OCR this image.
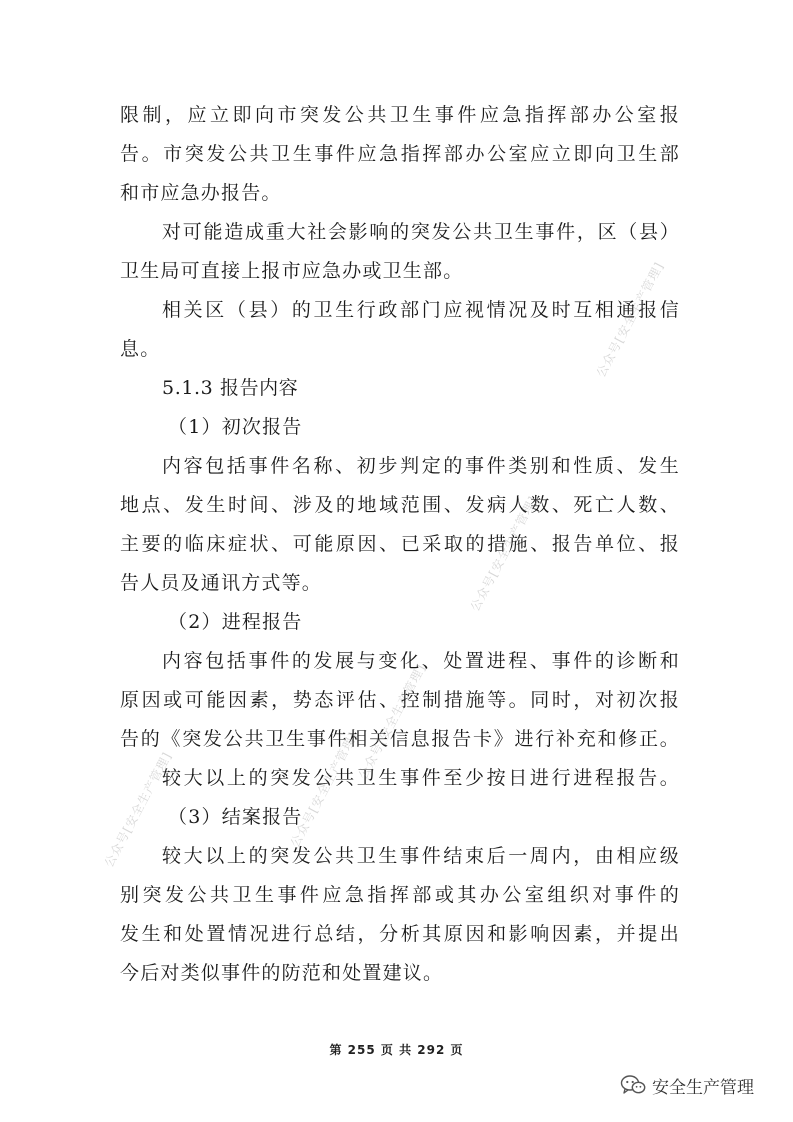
限制，应立即向市突发公共卫生事件应急指挥部办公室报
告。市突发公共卫生事件应急指挥部办公室应立即向卫生部
和市应急办报告。
对可能造成重大社会影响的突发公共卫生事件，区（县）
卫生局可直接上报市应急办或卫生部。
相关区（县）的卫生行政部门应视情况及时互相通报信
息。
5.1.3 报告内容
（1）初次报告
内容包括事件名称、初步判定的事件类别和性质、发生
地点、发生时间、涉及的地域范围、发病人数、死亡人数、
主要的临床症状、可能原因、已采取的措施、报告单位、报
告人员及通讯方式等。
（2）进程报告
内容包括事件的发展与变化、处置进程、事件的诊断和
原因或可能因素，势态评估、控制措施等。同时，对初次报
告的《突发公共卫生事件相关信息报告卡》进行补充和修正。
较大以上的突发公共卫生事件至少按日进行进程报告。
（3）结案报告
较大以上的突发公共卫生事件结束后一周内，由相应级
别突发公共卫生事件应急指挥部或其办公室组织对事件的
发生和处置情况进行总结，分析其原因和影响因素，并提出
今后对类似事件的防范和处置建议。
公众号[安全生产管理]
公众号[安全生产管理]
公众号[安全生产管理]
公众号[安全生产管理]
公众号[安全生产管理]
第 255 页 共 292 页
安全生产管理
